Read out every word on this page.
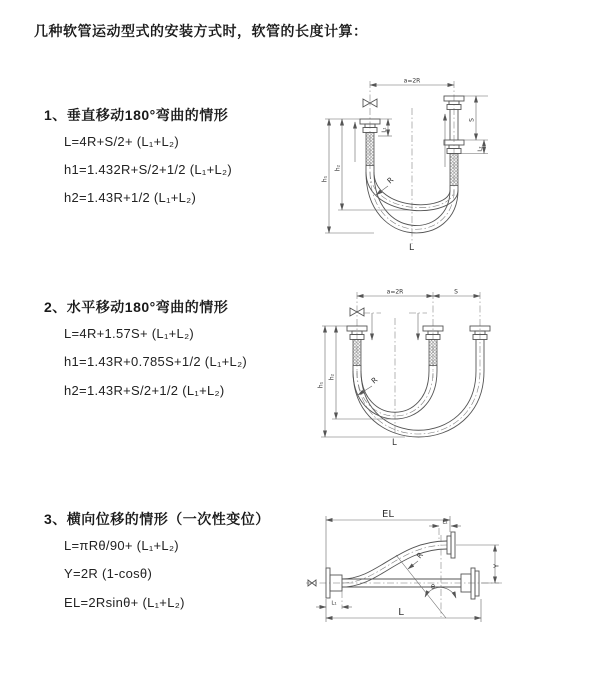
几种软管运动型式的安装方式时，软管的长度计算：
1、垂直移动180°弯曲的情形
L=4R+S/2+ (L₁+L₂)
h1=1.432R+S/2+1/2 (L₁+L₂)
h2=1.43R+1/2 (L₁+L₂)
a=2R
h₁
h₂
L₁
S
L₂
R
L
2、水平移动180°弯曲的情形
L=4R+1.57S+ (L₁+L₂)
h1=1.43R+0.785S+1/2 (L₁+L₂)
h2=1.43R+S/2+1/2 (L₁+L₂)
a=2R	S
h₁
h₂	R
L
3、横向位移的情形（一次性变位）
L=πRθ/90+ (L₁+L₂)
Y=2R (1-cosθ)
EL=2Rsinθ+ (L₁+L₂)
EL
L₂
Y
θ
R
L
L₁
